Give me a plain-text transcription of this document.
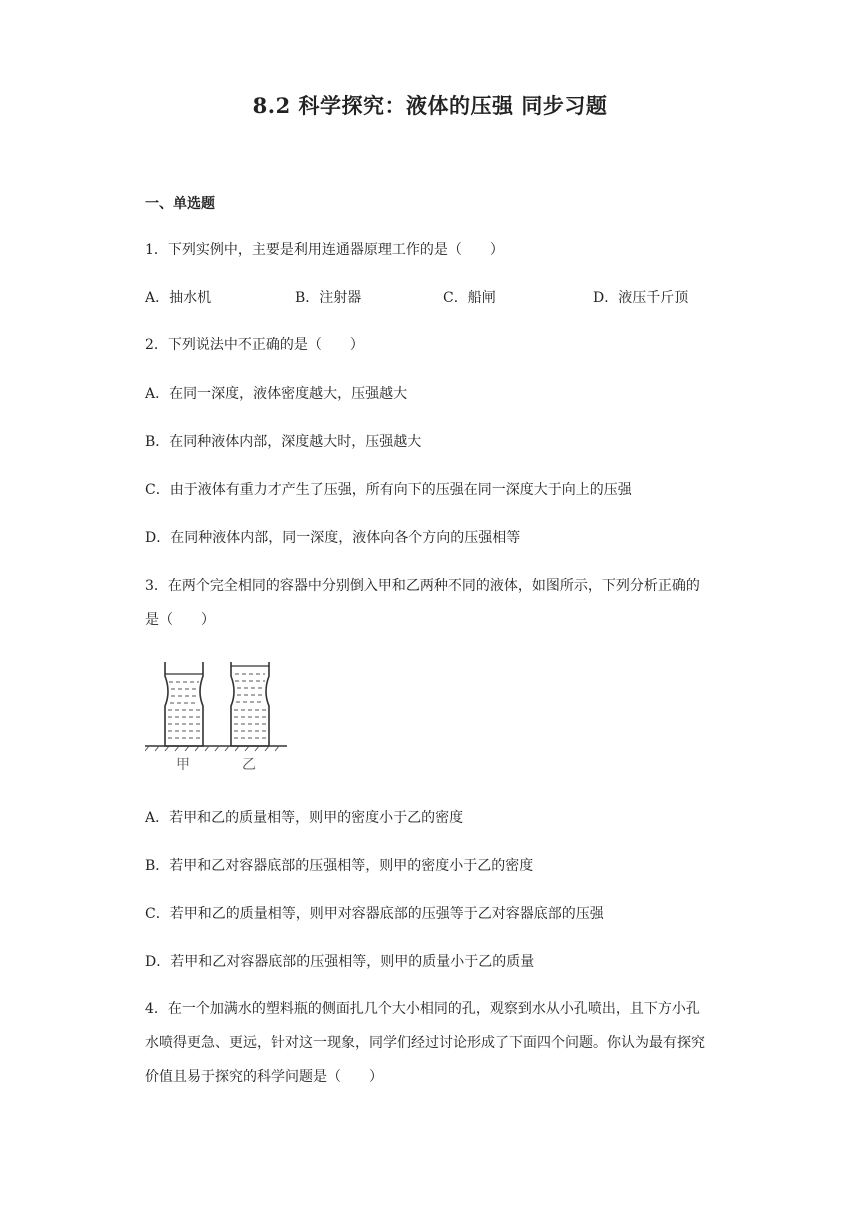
8.2 科学探究：液体的压强 同步习题
一、单选题
1．下列实例中，主要是利用连通器原理工作的是（　　）
A．抽水机	B．注射器	C．船闸	D．液压千斤顶
2．下列说法中不正确的是（　　）
A．在同一深度，液体密度越大，压强越大
B．在同种液体内部，深度越大时，压强越大
C．由于液体有重力才产生了压强，所有向下的压强在同一深度大于向上的压强
D．在同种液体内部，同一深度，液体向各个方向的压强相等
3．在两个完全相同的容器中分别倒入甲和乙两种不同的液体，如图所示，下列分析正确的
是（　　）
甲	乙
A．若甲和乙的质量相等，则甲的密度小于乙的密度
B．若甲和乙对容器底部的压强相等，则甲的密度小于乙的密度
C．若甲和乙的质量相等，则甲对容器底部的压强等于乙对容器底部的压强
D．若甲和乙对容器底部的压强相等，则甲的质量小于乙的质量
4．在一个加满水的塑料瓶的侧面扎几个大小相同的孔，观察到水从小孔喷出，且下方小孔
水喷得更急、更远，针对这一现象，同学们经过讨论形成了下面四个问题。你认为最有探究
价值且易于探究的科学问题是（　　）
